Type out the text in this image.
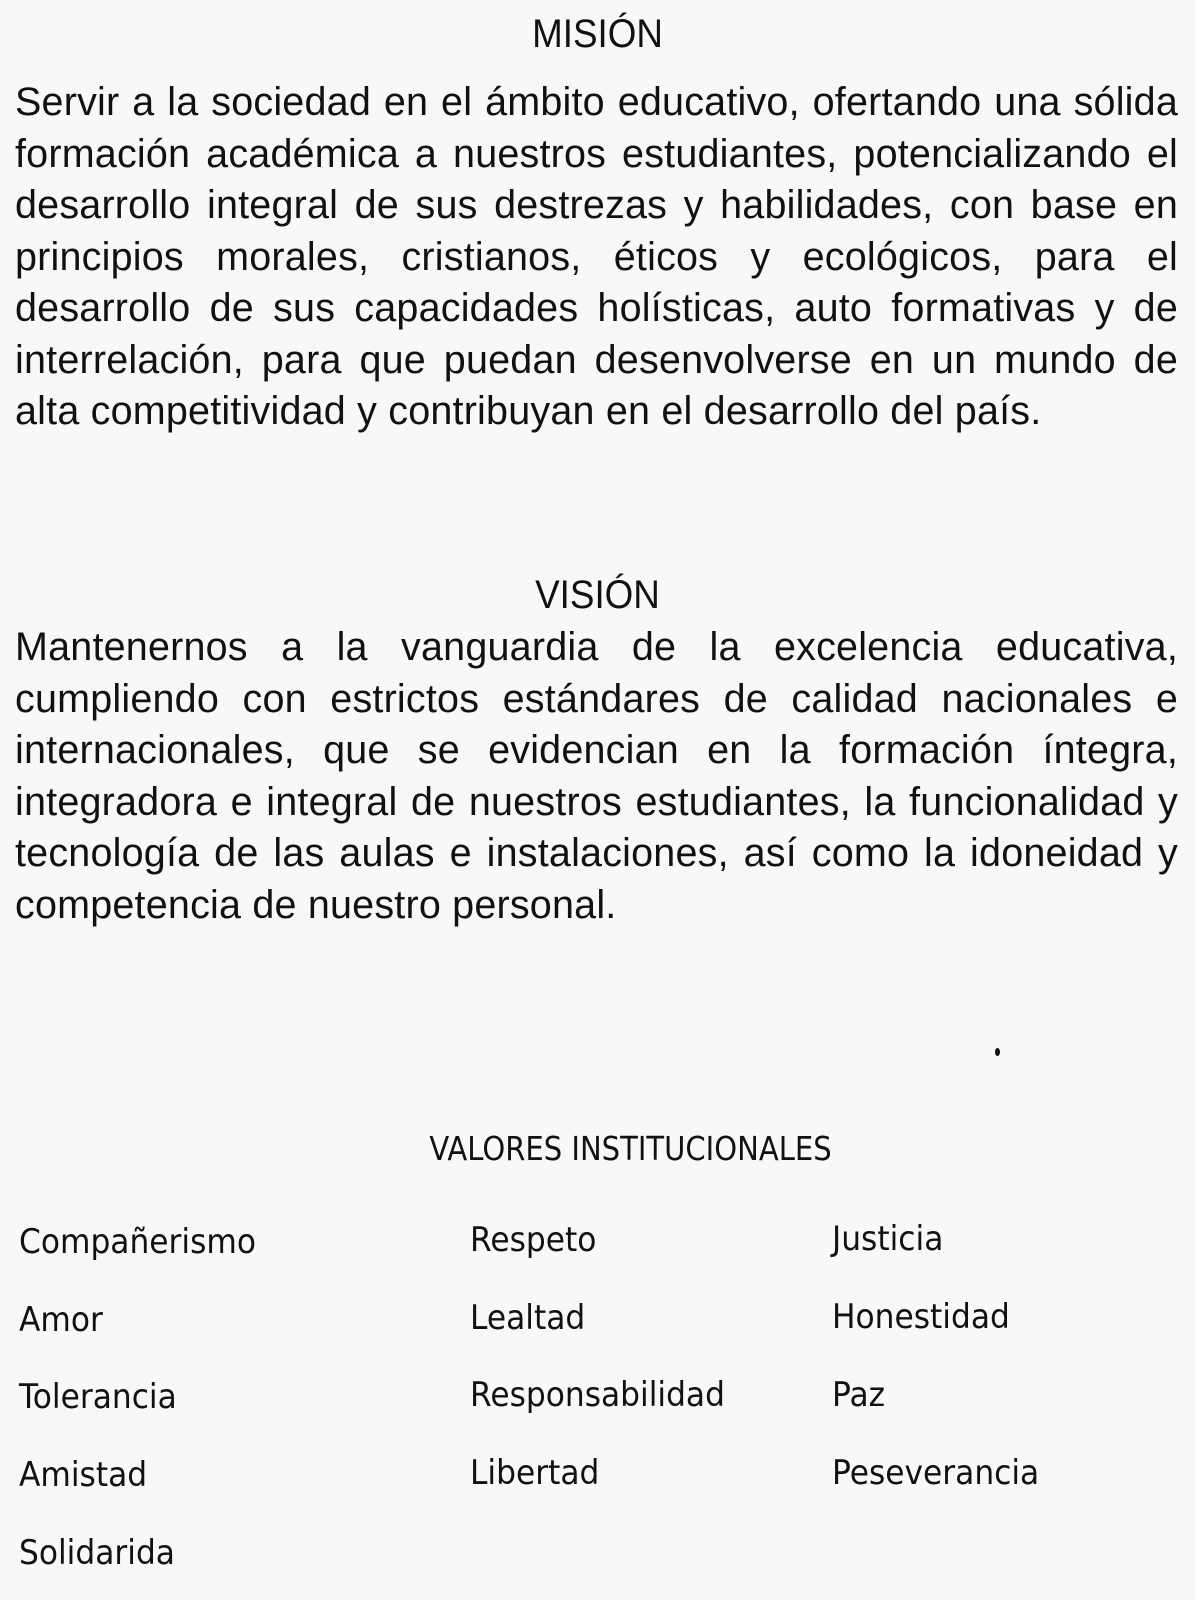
MISIÓN
Servir a la sociedad en el ámbito educativo, ofertando una sólida formación académica a nuestros estudiantes, potencializando el desarrollo integral de sus destrezas y habilidades, con base en principios morales, cristianos, éticos y ecológicos, para el desarrollo de sus capacidades holísticas, auto formativas y de interrelación, para que puedan desenvolverse en un mundo de alta competitividad y contribuyan en el desarrollo del país.
VISIÓN
Mantenernos a la vanguardia de la excelencia educativa, cumpliendo con estrictos estándares de calidad nacionales e internacionales, que se evidencian en la formación íntegra, integradora e integral de nuestros estudiantes, la funcionalidad y tecnología de las aulas e instalaciones, así como la idoneidad y competencia de nuestro personal.
VALORES INSTITUCIONALES
Compañerismo
Amor
Tolerancia
Amistad
Solidarida
Respeto
Lealtad
Responsabilidad
Libertad
Justicia
Honestidad
Paz
Peseverancia
